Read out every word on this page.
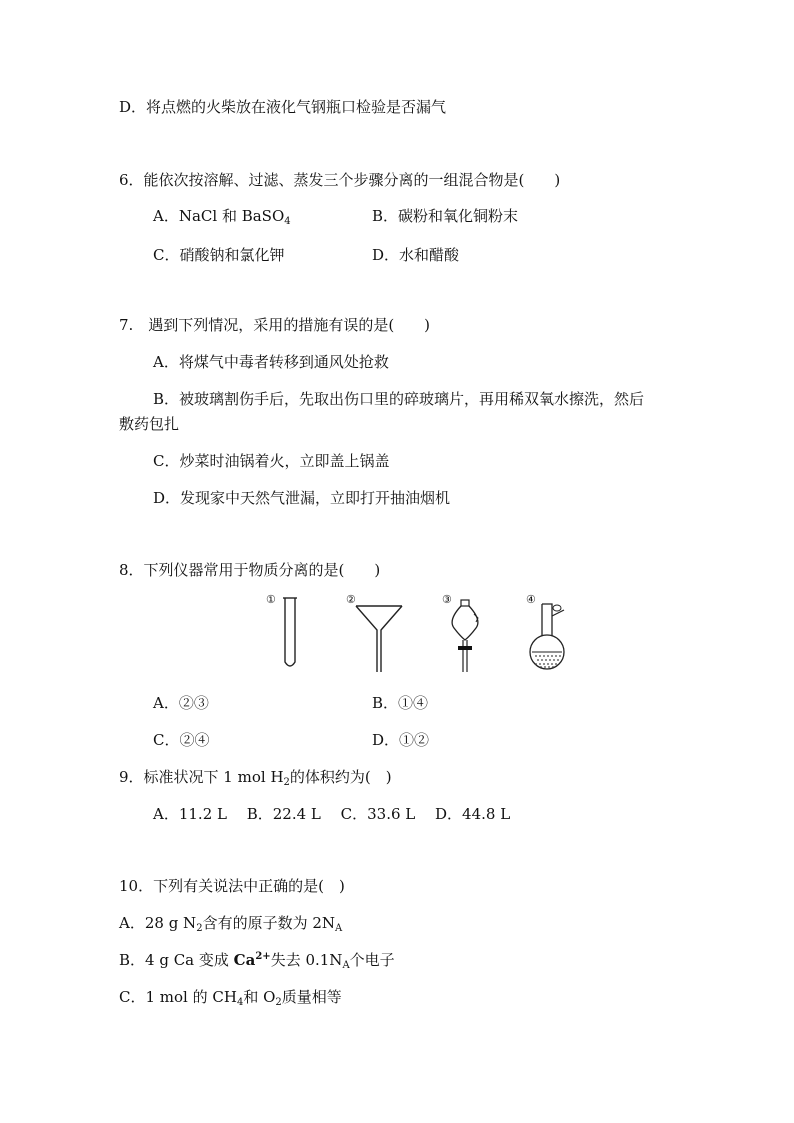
D．将点燃的火柴放在液化气钢瓶口检验是否漏气
6．能依次按溶解、过滤、蒸发三个步骤分离的一组混合物是(　　)
A．NaCl 和 BaSO$_4$	B．碳粉和氧化铜粉末
C．硝酸钠和氯化钾	D．水和醋酸
7.　遇到下列情况，采用的措施有误的是(　　)
A．将煤气中毒者转移到通风处抢救
B．被玻璃割伤手后，先取出伤口里的碎玻璃片，再用稀双氧水擦洗，然后
敷药包扎
C．炒菜时油锅着火，立即盖上锅盖
D．发现家中天然气泄漏，立即打开抽油烟机
8．下列仪器常用于物质分离的是(　　)
①	②	③	④
A．②③	B．①④
C．②④	D．①②
9．标准状况下 1 mol $H_2$的体积约为(　)
A．11.2 L　 B．22.4 L　 C．33.6 L　 D．44.8 L
10．下列有关说法中正确的是(　)
A．28 g $N_2$含有的原子数为 $2N_A$
B．4 g Ca 变成 $Ca^{2+}$失去 $0.1N_A$个电子
C．1 mol 的 $CH_4$和 $O_2$质量相等
